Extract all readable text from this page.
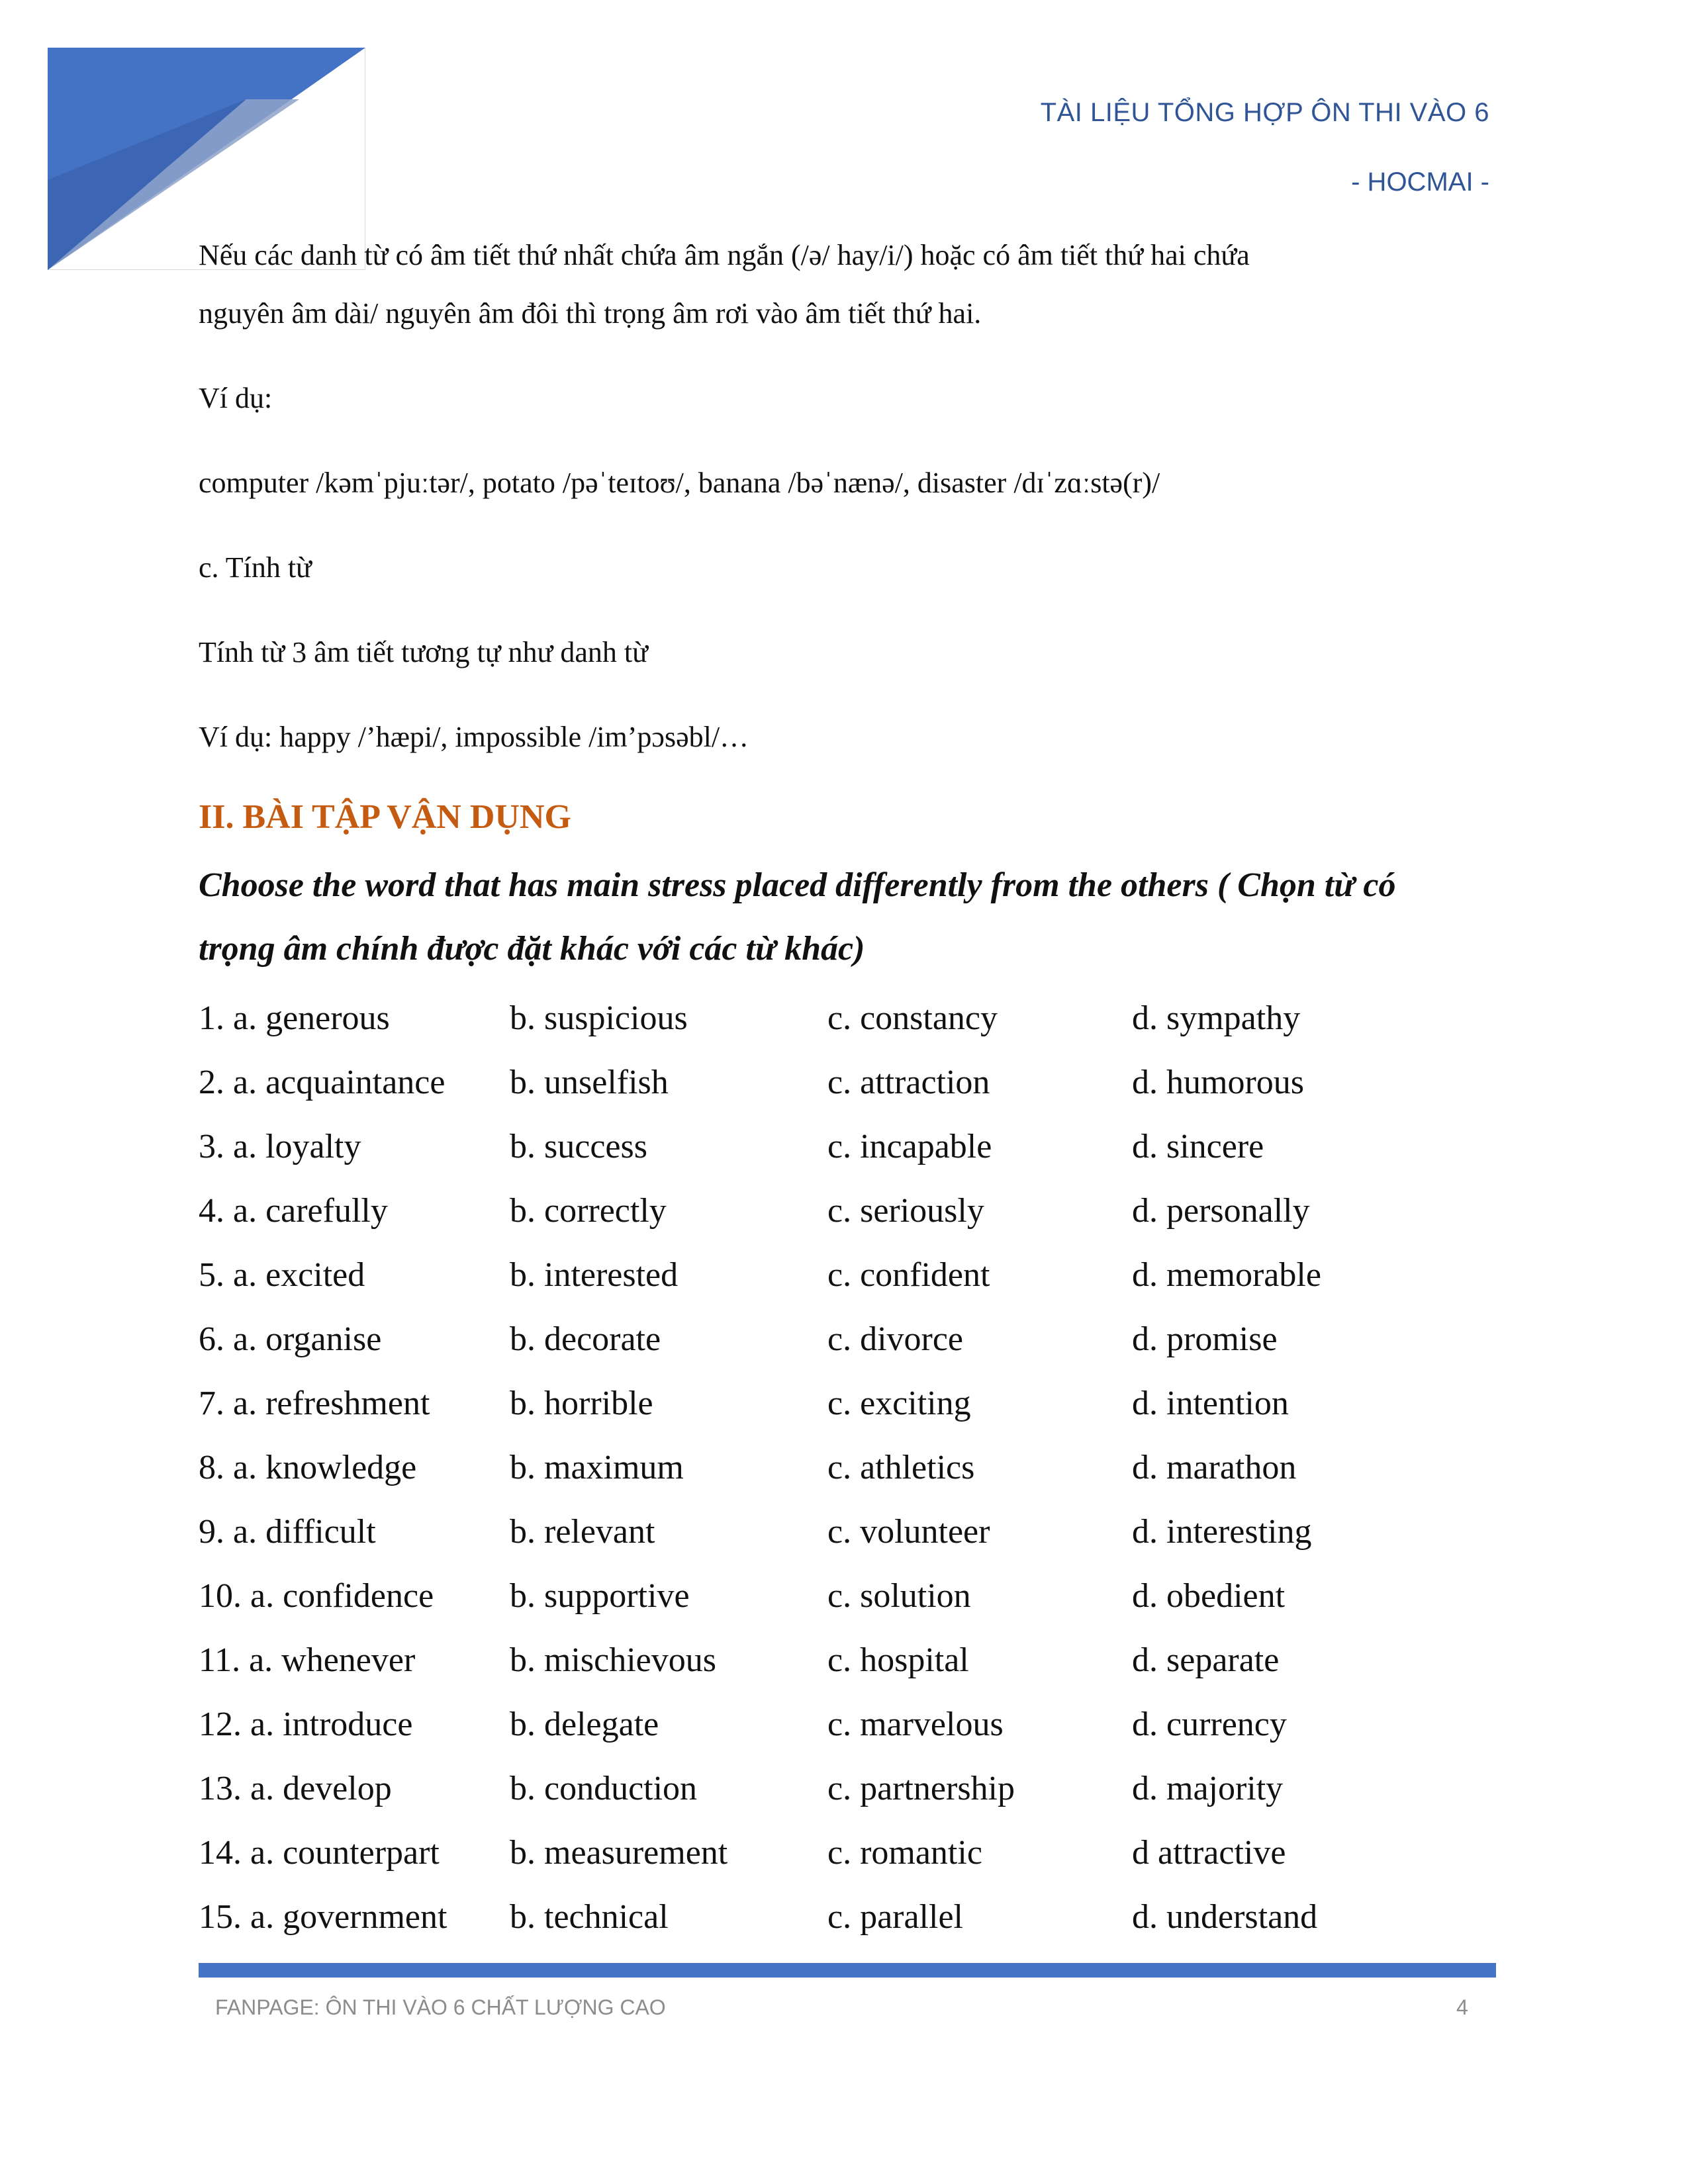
TÀI LIỆU TỔNG HỢP ÔN THI VÀO 6
- HOCMAI -
Nếu các danh từ có âm tiết thứ nhất chứa âm ngắn (/ə/ hay/i/) hoặc có âm tiết thứ hai chứa
nguyên âm dài/ nguyên âm đôi thì trọng âm rơi vào âm tiết thứ hai.
Ví dụ:
computer /kəmˈpjuːtər/, potato /pəˈteɪtoʊ/, banana /bəˈnænə/, disaster /dɪˈzɑːstə(r)/
c. Tính từ
Tính từ 3 âm tiết tương tự như danh từ
Ví dụ: happy /’hæpi/, impossible /im’pɔsəbl/…
II. BÀI TẬP VẬN DỤNG
Choose the word that has main stress placed differently from the others ( Chọn từ có
trọng âm chính được đặt khác với các từ khác)
1. a. generous	b. suspicious	c. constancy	d. sympathy
2. a. acquaintance b. unselfish	c. attraction	d. humorous
3. a. loyalty	b. success	c. incapable	d. sincere
4. a. carefully	b. correctly	c. seriously	d. personally
5. a. excited	b. interested	c. confident	d. memorable
6. a. organise	b. decorate	c. divorce	d. promise
7. a. refreshment b. horrible	c. exciting	d. intention
8. a. knowledge	b. maximum	c. athletics	d. marathon
9. a. difficult	b. relevant	c. volunteer	d. interesting
10. a. confidence b. supportive	c. solution	d. obedient
11. a. whenever	b. mischievous	c. hospital	d. separate
12. a. introduce	b. delegate	c. marvelous	d. currency
13. a. develop	b. conduction	c. partnership	d. majority
14. a. counterpart b. measurement	c. romantic	d attractive
15. a. government b. technical	c. parallel	d. understand
FANPAGE: ÔN THI VÀO 6 CHẤT LƯỢNG CAO	4
